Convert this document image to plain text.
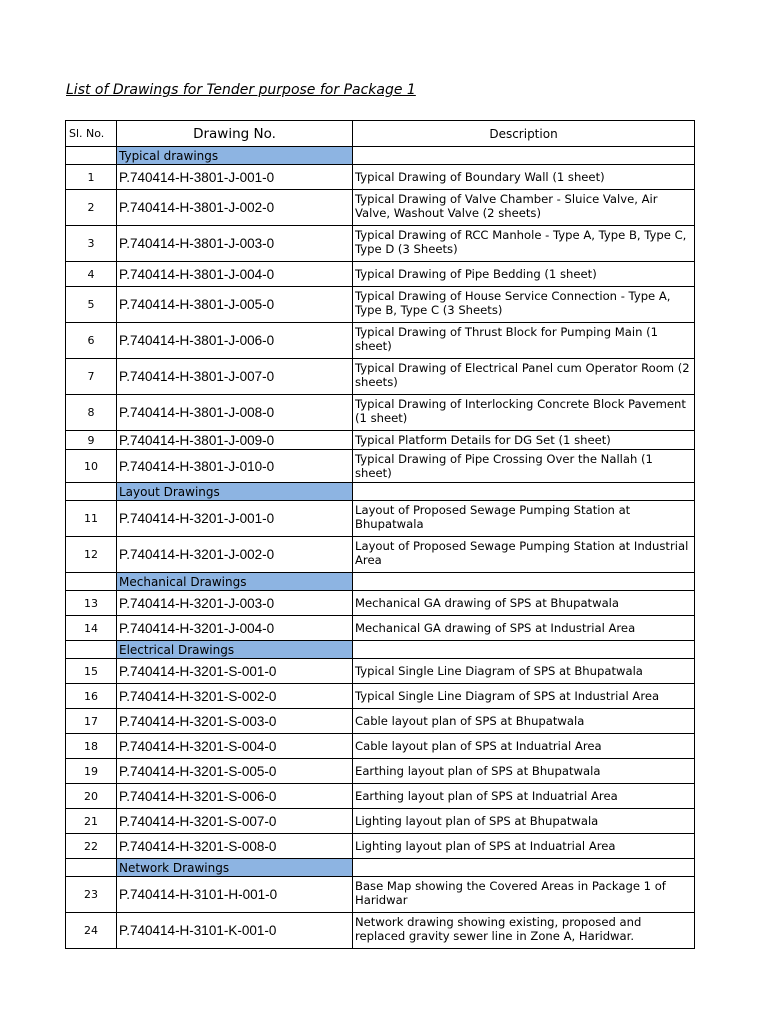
List of Drawings for Tender purpose for Package 1
Sl. No.	Drawing No.	Description
	Typical drawings	
1	P.740414-H-3801-J-001-0	Typical Drawing of Boundary Wall (1 sheet)
2	P.740414-H-3801-J-002-0	Typical Drawing of Valve Chamber - Sluice Valve, Air Valve, Washout Valve (2 sheets)
3	P.740414-H-3801-J-003-0	Typical Drawing of RCC Manhole - Type A, Type B, Type C, Type D (3 Sheets)
4	P.740414-H-3801-J-004-0	Typical Drawing of Pipe Bedding (1 sheet)
5	P.740414-H-3801-J-005-0	Typical Drawing of House Service Connection - Type A, Type B, Type C (3 Sheets)
6	P.740414-H-3801-J-006-0	Typical Drawing of Thrust Block for Pumping Main (1 sheet)
7	P.740414-H-3801-J-007-0	Typical Drawing of Electrical Panel cum Operator Room (2 sheets)
8	P.740414-H-3801-J-008-0	Typical Drawing of Interlocking Concrete Block Pavement (1 sheet)
9	P.740414-H-3801-J-009-0	Typical Platform Details for DG Set (1 sheet)
10	P.740414-H-3801-J-010-0	Typical Drawing of Pipe Crossing Over the Nallah (1 sheet)
	Layout Drawings	
11	P.740414-H-3201-J-001-0	Layout of Proposed Sewage Pumping Station at Bhupatwala
12	P.740414-H-3201-J-002-0	Layout of Proposed Sewage Pumping Station at Industrial Area
	Mechanical Drawings	
13	P.740414-H-3201-J-003-0	Mechanical GA drawing of SPS at Bhupatwala
14	P.740414-H-3201-J-004-0	Mechanical GA drawing of SPS at Industrial Area
	Electrical Drawings	
15	P.740414-H-3201-S-001-0	Typical Single Line Diagram of SPS at Bhupatwala
16	P.740414-H-3201-S-002-0	Typical Single Line Diagram of SPS at Industrial Area
17	P.740414-H-3201-S-003-0	Cable layout plan of SPS at Bhupatwala
18	P.740414-H-3201-S-004-0	Cable layout plan of SPS at Induatrial Area
19	P.740414-H-3201-S-005-0	Earthing layout plan of SPS at Bhupatwala
20	P.740414-H-3201-S-006-0	Earthing layout plan of SPS at Induatrial Area
21	P.740414-H-3201-S-007-0	Lighting layout plan of SPS at Bhupatwala
22	P.740414-H-3201-S-008-0	Lighting layout plan of SPS at Induatrial Area
	Network Drawings	
23	P.740414-H-3101-H-001-0	Base Map showing the Covered Areas in Package 1 of Haridwar
24	P.740414-H-3101-K-001-0	Network drawing showing existing, proposed and replaced gravity sewer line in Zone A, Haridwar.
